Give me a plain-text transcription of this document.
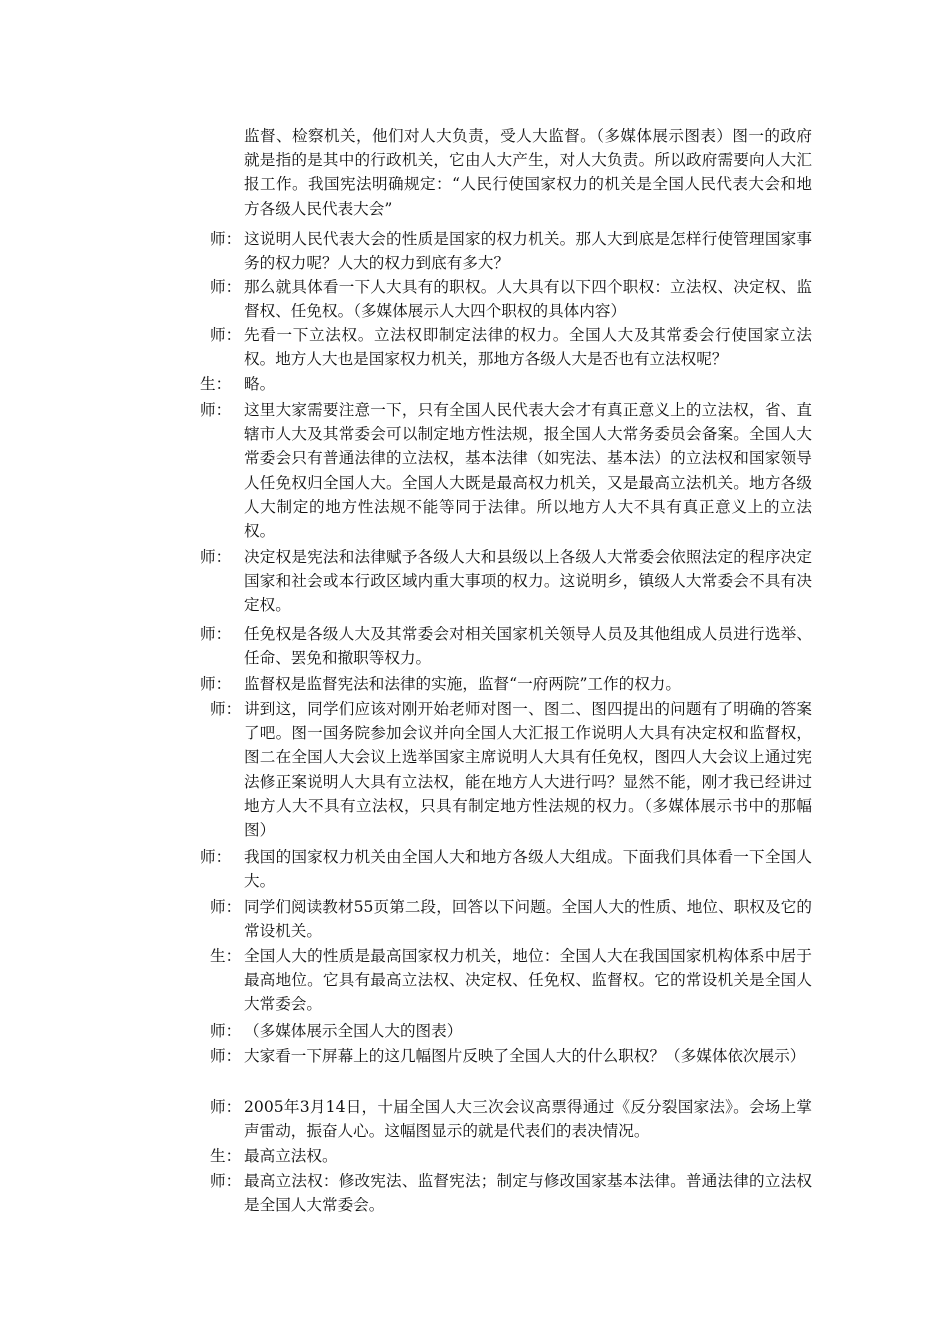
监督、检察机关，他们对人大负责，受人大监督。（多媒体展示图表）图一的政府就是指的是其中的行政机关，它由人大产生，对人大负责。所以政府需要向人大汇报工作。我国宪法明确规定：“人民行使国家权力的机关是全国人民代表大会和地方各级人民代表大会”
师： 这说明人民代表大会的性质是国家的权力机关。那人大到底是怎样行使管理国家事务的权力呢？人大的权力到底有多大？
师： 那么就具体看一下人大具有的职权。人大具有以下四个职权：立法权、决定权、监督权、任免权。（多媒体展示人大四个职权的具体内容）
师： 先看一下立法权。立法权即制定法律的权力。全国人大及其常委会行使国家立法权。地方人大也是国家权力机关，那地方各级人大是否也有立法权呢？
生： 略。
师： 这里大家需要注意一下，只有全国人民代表大会才有真正意义上的立法权，省、直辖市人大及其常委会可以制定地方性法规，报全国人大常务委员会备案。全国人大常委会只有普通法律的立法权，基本法律（如宪法、基本法）的立法权和国家领导人任免权归全国人大。全国人大既是最高权力机关，又是最高立法机关。地方各级人大制定的地方性法规不能等同于法律。所以地方人大不具有真正意义上的立法权。
师： 决定权是宪法和法律赋予各级人大和县级以上各级人大常委会依照法定的程序决定国家和社会或本行政区域内重大事项的权力。这说明乡，镇级人大常委会不具有决定权。
师： 任免权是各级人大及其常委会对相关国家机关领导人员及其他组成人员进行选举、任命、罢免和撤职等权力。
师： 监督权是监督宪法和法律的实施，监督“一府两院”工作的权力。
师： 讲到这，同学们应该对刚开始老师对图一、图二、图四提出的问题有了明确的答案了吧。图一国务院参加会议并向全国人大汇报工作说明人大具有决定权和监督权，图二在全国人大会议上选举国家主席说明人大具有任免权，图四人大会议上通过宪法修正案说明人大具有立法权，能在地方人大进行吗？显然不能，刚才我已经讲过地方人大不具有立法权，只具有制定地方性法规的权力。（多媒体展示书中的那幅图）
师： 我国的国家权力机关由全国人大和地方各级人大组成。下面我们具体看一下全国人大。
师： 同学们阅读教材55页第二段，回答以下问题。全国人大的性质、地位、职权及它的常设机关。
生： 全国人大的性质是最高国家权力机关，地位：全国人大在我国国家机构体系中居于最高地位。它具有最高立法权、决定权、任免权、监督权。它的常设机关是全国人大常委会。
师： （多媒体展示全国人大的图表）
师： 大家看一下屏幕上的这几幅图片反映了全国人大的什么职权？（多媒体依次展示）
师： 2005年3月14日，十届全国人大三次会议高票得通过《反分裂国家法》。会场上掌声雷动，振奋人心。这幅图显示的就是代表们的表决情况。
生： 最高立法权。
师： 最高立法权：修改宪法、监督宪法；制定与修改国家基本法律。普通法律的立法权是全国人大常委会。
